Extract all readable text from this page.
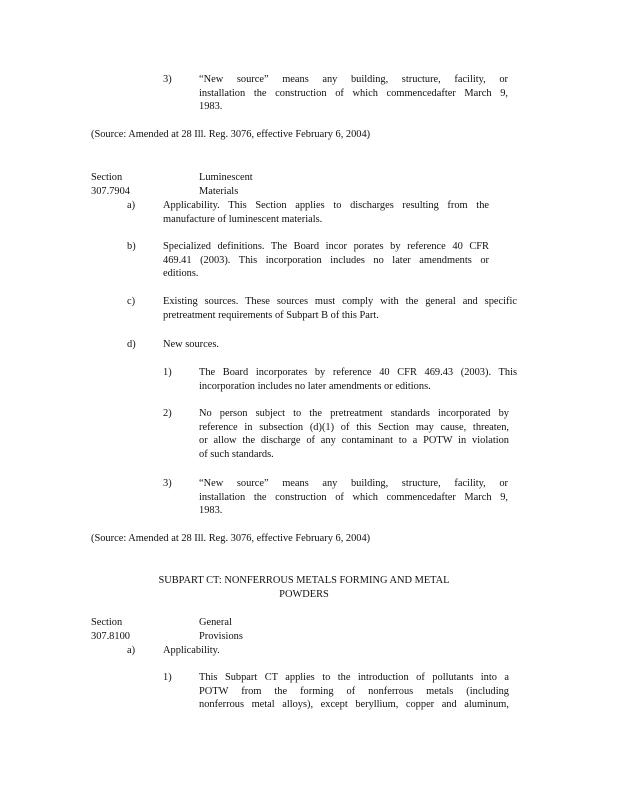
3)	“New source” means any building, structure, facility, or
installation the construction of which commencedafter March 9,
1983.
(Source: Amended at 28 Ill. Reg. 3076, effective February 6, 2004)
Section 307.7904
Luminescent Materials
a)	Applicability. This Section applies to discharges resulting from the
manufacture of luminescent materials.
b)	Specialized definitions. The Board incor porates by reference 40 CFR
469.41 (2003). This incorporation includes no later amendments or
editions.
c)	Existing sources. These sources must comply with the general and specific
pretreatment requirements of Subpart B of this Part.
d)	New sources.
1)	The Board incorporates by reference 40 CFR 469.43 (2003). This
incorporation includes no later amendments or editions.
2)	No person subject to the pretreatment standards incorporated by
reference in subsection (d)(1) of this Section may cause, threaten,
or allow the discharge of any contaminant to a POTW in violation
of such standards.
3)	“New source” means any building, structure, facility, or
installation the construction of which commencedafter March 9,
1983.
(Source: Amended at 28 Ill. Reg. 3076, effective February 6, 2004)
SUBPART CT: NONFERROUS METALS FORMING AND METAL
POWDERS
Section 307.8100
General Provisions
a)	Applicability.
1)	This Subpart CT applies to the introduction of pollutants into a
POTW from the forming of nonferrous metals (including
nonferrous metal alloys), except beryllium, copper and aluminum,
